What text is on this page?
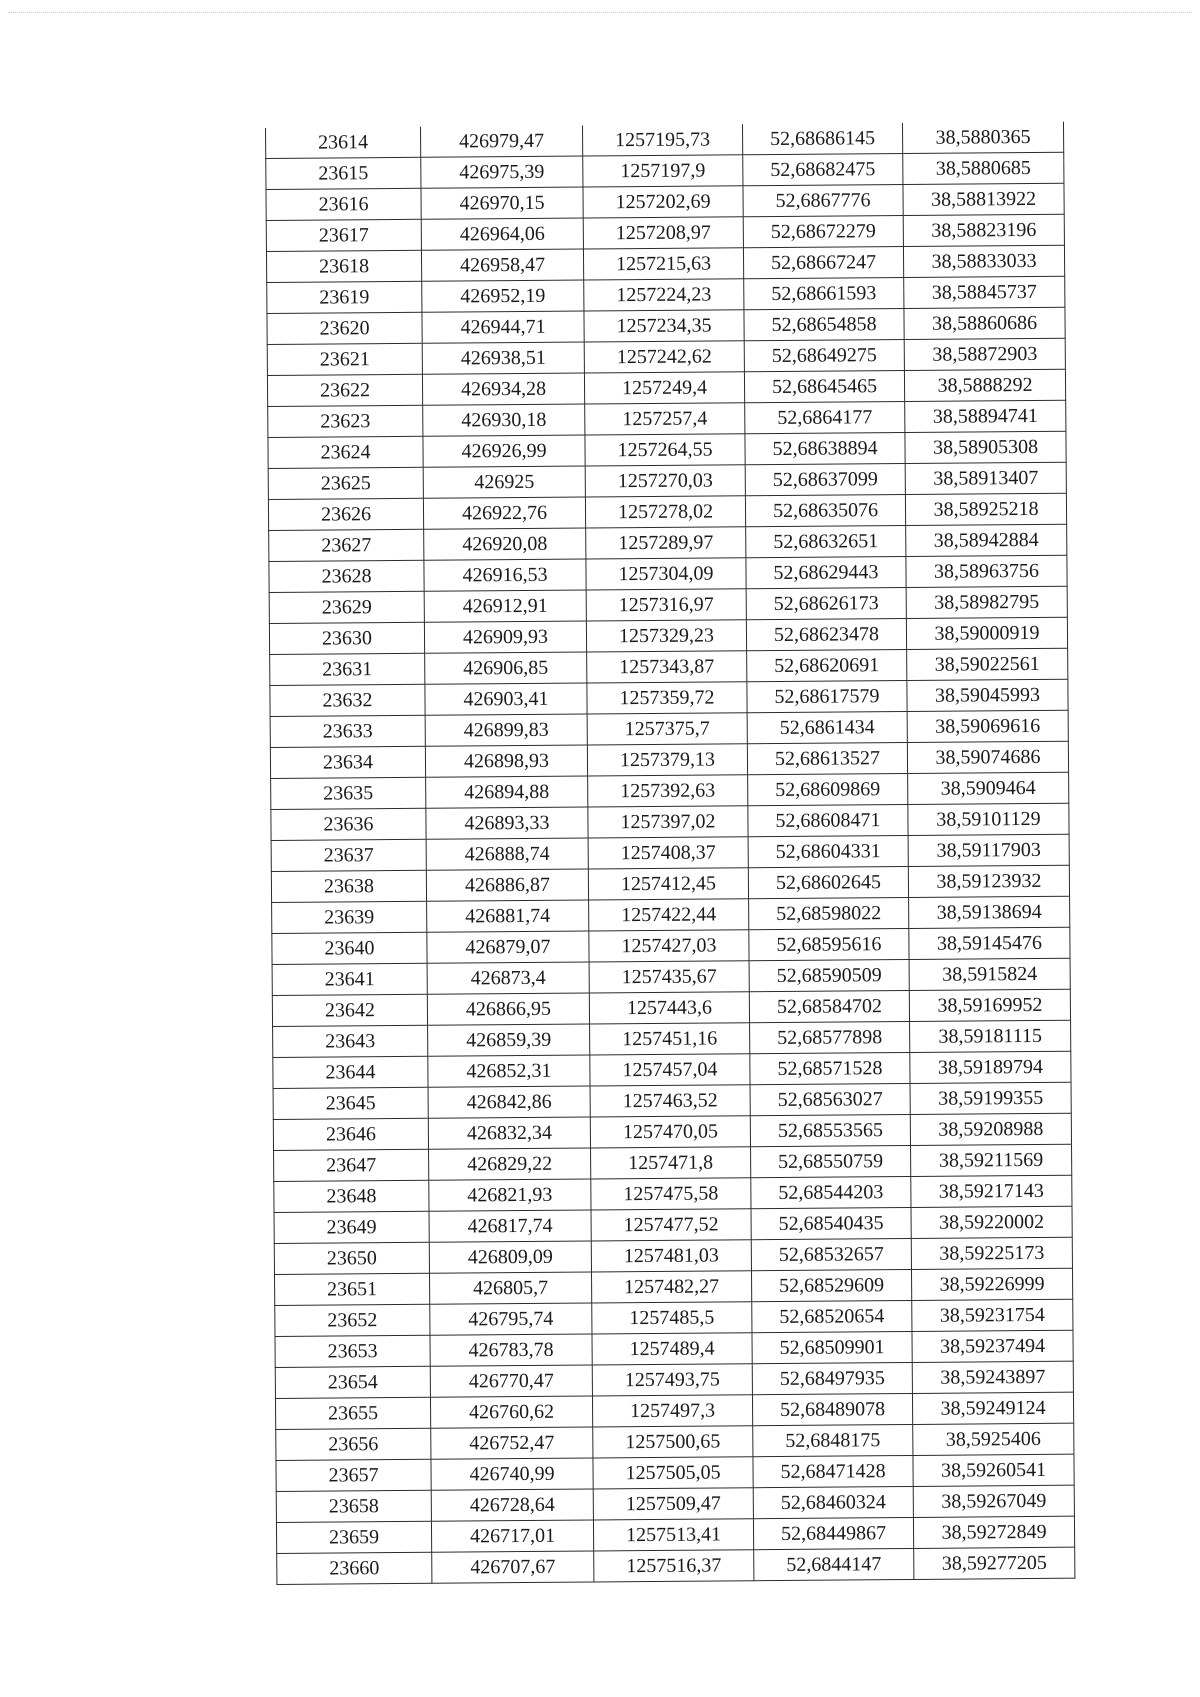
23614	426979,47	1257195,73	52,68686145	38,5880365
23615	426975,39	1257197,9	52,68682475	38,5880685
23616	426970,15	1257202,69	52,6867776	38,58813922
23617	426964,06	1257208,97	52,68672279	38,58823196
23618	426958,47	1257215,63	52,68667247	38,58833033
23619	426952,19	1257224,23	52,68661593	38,58845737
23620	426944,71	1257234,35	52,68654858	38,58860686
23621	426938,51	1257242,62	52,68649275	38,58872903
23622	426934,28	1257249,4	52,68645465	38,5888292
23623	426930,18	1257257,4	52,6864177	38,58894741
23624	426926,99	1257264,55	52,68638894	38,58905308
23625	426925	1257270,03	52,68637099	38,58913407
23626	426922,76	1257278,02	52,68635076	38,58925218
23627	426920,08	1257289,97	52,68632651	38,58942884
23628	426916,53	1257304,09	52,68629443	38,58963756
23629	426912,91	1257316,97	52,68626173	38,58982795
23630	426909,93	1257329,23	52,68623478	38,59000919
23631	426906,85	1257343,87	52,68620691	38,59022561
23632	426903,41	1257359,72	52,68617579	38,59045993
23633	426899,83	1257375,7	52,6861434	38,59069616
23634	426898,93	1257379,13	52,68613527	38,59074686
23635	426894,88	1257392,63	52,68609869	38,5909464
23636	426893,33	1257397,02	52,68608471	38,59101129
23637	426888,74	1257408,37	52,68604331	38,59117903
23638	426886,87	1257412,45	52,68602645	38,59123932
23639	426881,74	1257422,44	52,68598022	38,59138694
23640	426879,07	1257427,03	52,68595616	38,59145476
23641	426873,4	1257435,67	52,68590509	38,5915824
23642	426866,95	1257443,6	52,68584702	38,59169952
23643	426859,39	1257451,16	52,68577898	38,59181115
23644	426852,31	1257457,04	52,68571528	38,59189794
23645	426842,86	1257463,52	52,68563027	38,59199355
23646	426832,34	1257470,05	52,68553565	38,59208988
23647	426829,22	1257471,8	52,68550759	38,59211569
23648	426821,93	1257475,58	52,68544203	38,59217143
23649	426817,74	1257477,52	52,68540435	38,59220002
23650	426809,09	1257481,03	52,68532657	38,59225173
23651	426805,7	1257482,27	52,68529609	38,59226999
23652	426795,74	1257485,5	52,68520654	38,59231754
23653	426783,78	1257489,4	52,68509901	38,59237494
23654	426770,47	1257493,75	52,68497935	38,59243897
23655	426760,62	1257497,3	52,68489078	38,59249124
23656	426752,47	1257500,65	52,6848175	38,5925406
23657	426740,99	1257505,05	52,68471428	38,59260541
23658	426728,64	1257509,47	52,68460324	38,59267049
23659	426717,01	1257513,41	52,68449867	38,59272849
23660	426707,67	1257516,37	52,6844147	38,59277205
